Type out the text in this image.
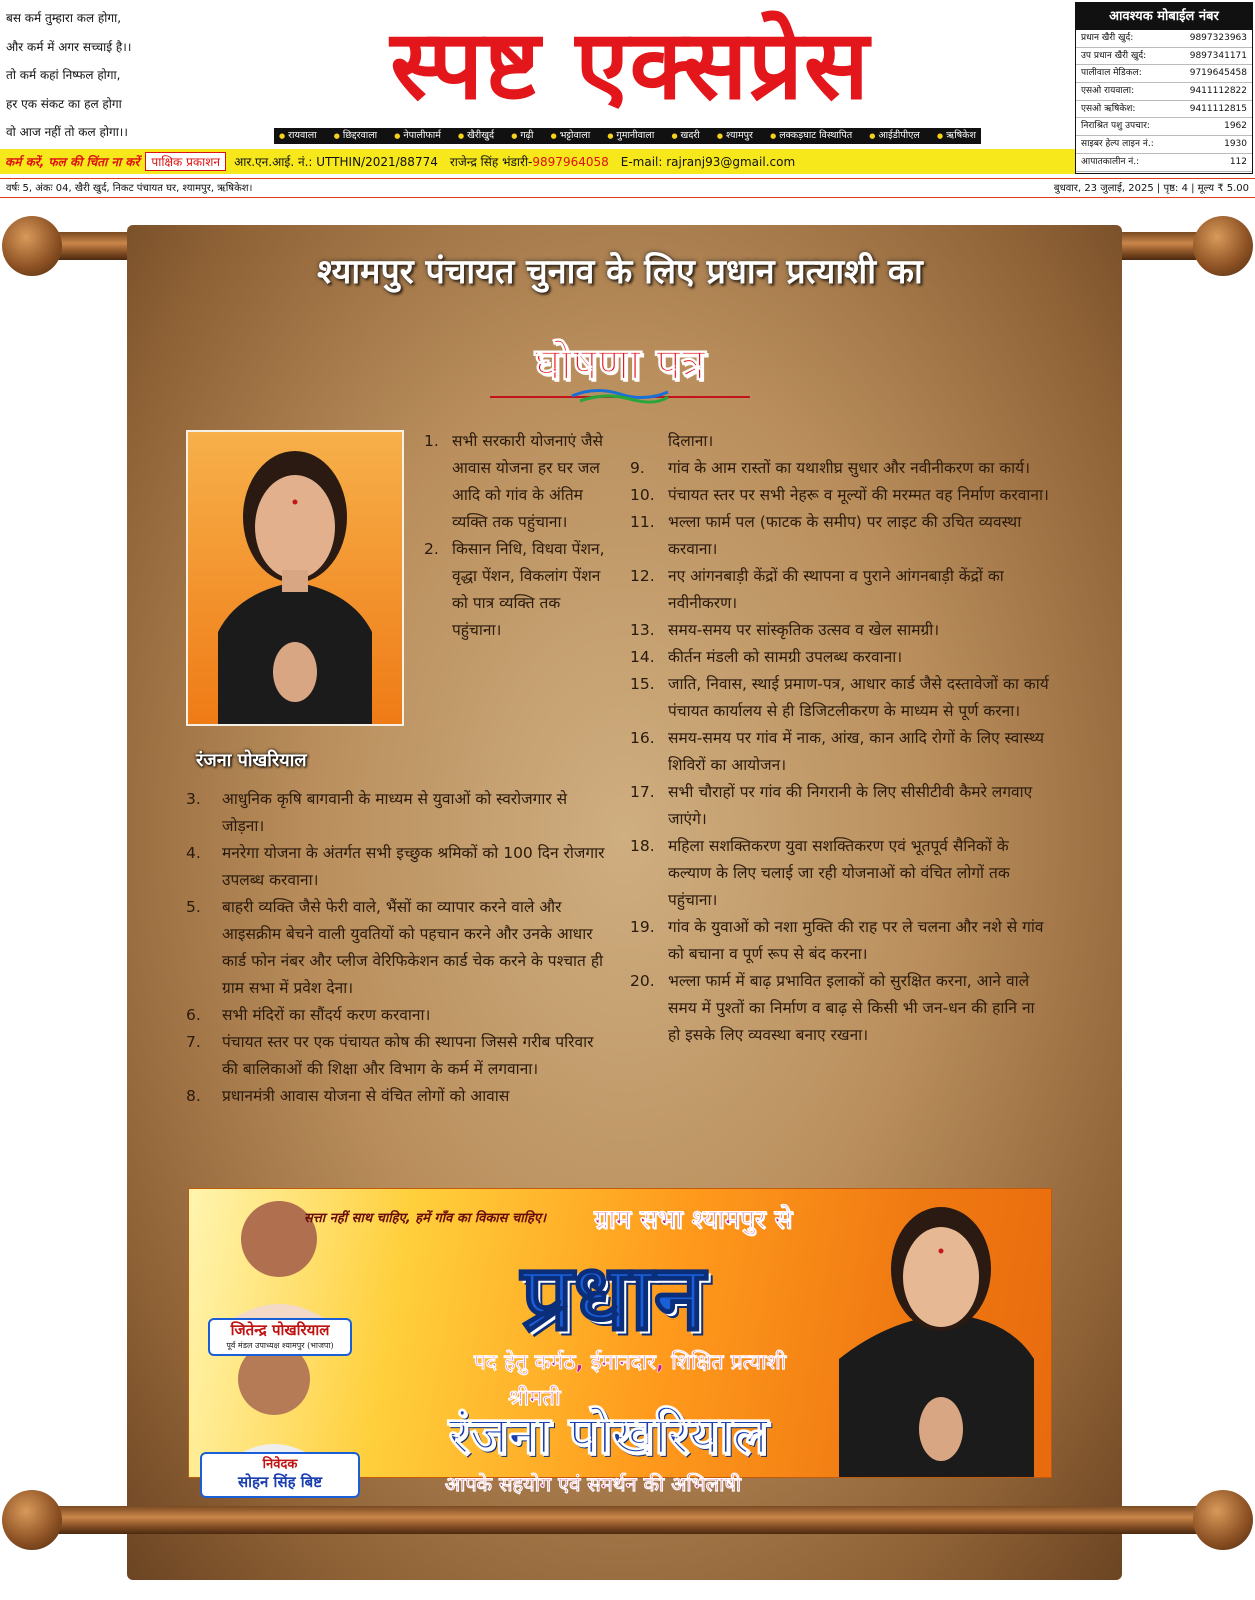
बस कर्म तुम्हारा कल होगा,
और कर्म में अगर सच्चाई है।।
तो कर्म कहां निष्फल होगा,
हर एक संकट का हल होगा
वो आज नहीं तो कल होगा।।
स्पष्ट एक्सप्रेस
● रायवाला	● छिद्दरवाला	● नेपालीफार्म	● खैरीखुर्द	● गढ़ी	● भट्टोवाला	● गुमानीवाला	● खदरी	● श्यामपुर	● लक्कड़घाट विस्थापित	● आईडीपीएल	● ऋषिकेश
आवश्यक मोबाईल नंबर
प्रधान खैरी खुर्द:	9897323963
उप प्रधान खैरी खुर्द:	9897341171
पालीवाल मेडिकल:	9719645458
एसओ रायवाला:	9411112822
एसओ ऋषिकेश:	9411112815
निराश्रित पशु उपचार:	1962
साइबर हेल्प लाइन नं.:	1930
आपातकालीन नं.:	112
कर्म करें, फल की चिंता ना करें	पाक्षिक प्रकाशन	आर.एन.आई. नं.: UTTHIN/2021/88774 राजेन्द्र सिंह भंडारी- 9897964058 E-mail: rajranj93@gmail.com
वर्षः 5, अंकः 04, खैरी खुर्द, निकट पंचायत घर, श्यामपुर, ऋषिकेश।	बुधवार, 23 जुलाई, 2025 | पृष्ठ: 4 | मूल्य ₹ 5.00
श्यामपुर पंचायत चुनाव के लिए प्रधान प्रत्याशी का
घोषणा पत्र
रंजना पोखरियाल
1. सभी सरकारी योजनाएं जैसे आवास योजना हर घर जल आदि को गांव के अंतिम व्यक्ति तक पहुंचाना।
2. किसान निधि, विधवा पेंशन, वृद्धा पेंशन, विकलांग पेंशन को पात्र व्यक्ति तक पहुंचाना।
3.	आधुनिक कृषि बागवानी के माध्यम से युवाओं को स्वरोजगार से जोड़ना।
4.	मनरेगा योजना के अंतर्गत सभी इच्छुक श्रमिकों को 100 दिन रोजगार उपलब्ध करवाना।
5.	बाहरी व्यक्ति जैसे फेरी वाले, भैंसों का व्यापार करने वाले और आइसक्रीम बेचने वाली युवतियों को पहचान करने और उनके आधार कार्ड फोन नंबर और प्लीज वेरिफिकेशन कार्ड चेक करने के पश्चात ही ग्राम सभा में प्रवेश देना।
6.	सभी मंदिरों का सौंदर्य करण करवाना।
7.	पंचायत स्तर पर एक पंचायत कोष की स्थापना जिससे गरीब परिवार की बालिकाओं की शिक्षा और विभाग के कर्म में लगवाना।
8.	प्रधानमंत्री आवास योजना से वंचित लोगों को आवास
दिलाना।
9.	गांव के आम रास्तों का यथाशीघ्र सुधार और नवीनीकरण का कार्य।
10. पंचायत स्तर पर सभी नेहरू व मूल्यों की मरम्मत वह निर्माण करवाना।
11. भल्ला फार्म पल (फाटक के समीप) पर लाइट की उचित व्यवस्था करवाना।
12. नए आंगनबाड़ी केंद्रों की स्थापना व पुराने आंगनबाड़ी केंद्रों का नवीनीकरण।
13. समय-समय पर सांस्कृतिक उत्सव व खेल सामग्री।
14. कीर्तन मंडली को सामग्री उपलब्ध करवाना।
15. जाति, निवास, स्थाई प्रमाण-पत्र, आधार कार्ड जैसे दस्तावेजों का कार्य पंचायत कार्यालय से ही डिजिटलीकरण के माध्यम से पूर्ण करना।
16. समय-समय पर गांव में नाक, आंख, कान आदि रोगों के लिए स्वास्थ्य शिविरों का आयोजन।
17. सभी चौराहों पर गांव की निगरानी के लिए सीसीटीवी कैमरे लगवाए जाएंगे।
18. महिला सशक्तिकरण युवा सशक्तिकरण एवं भूतपूर्व सैनिकों के कल्याण के लिए चलाई जा रही योजनाओं को वंचित लोगों तक पहुंचाना।
19. गांव के युवाओं को नशा मुक्ति की राह पर ले चलना और नशे से गांव को बचाना व पूर्ण रूप से बंद करना।
20. भल्ला फार्म में बाढ़ प्रभावित इलाकों को सुरक्षित करना, आने वाले समय में पुश्तों का निर्माण व बाढ़ से किसी भी जन-धन की हानि ना हो इसके लिए व्यवस्था बनाए रखना।
सत्ता नहीं साथ चाहिए, हमें गाँव का विकास चाहिए। ग्राम सभा श्यामपुर से
प्रधान
पद हेतु कर्मठ, ईमानदार, शिक्षित प्रत्याशी
श्रीमती
रंजना पोखरियाल
आपके सहयोग एवं समर्थन की अभिलाषी
जितेन्द्र पोखरियाल
पूर्व मंडल उपाध्यक्ष श्यामपुर (भाजपा)
निवेदक
सोहन सिंह बिष्ट
